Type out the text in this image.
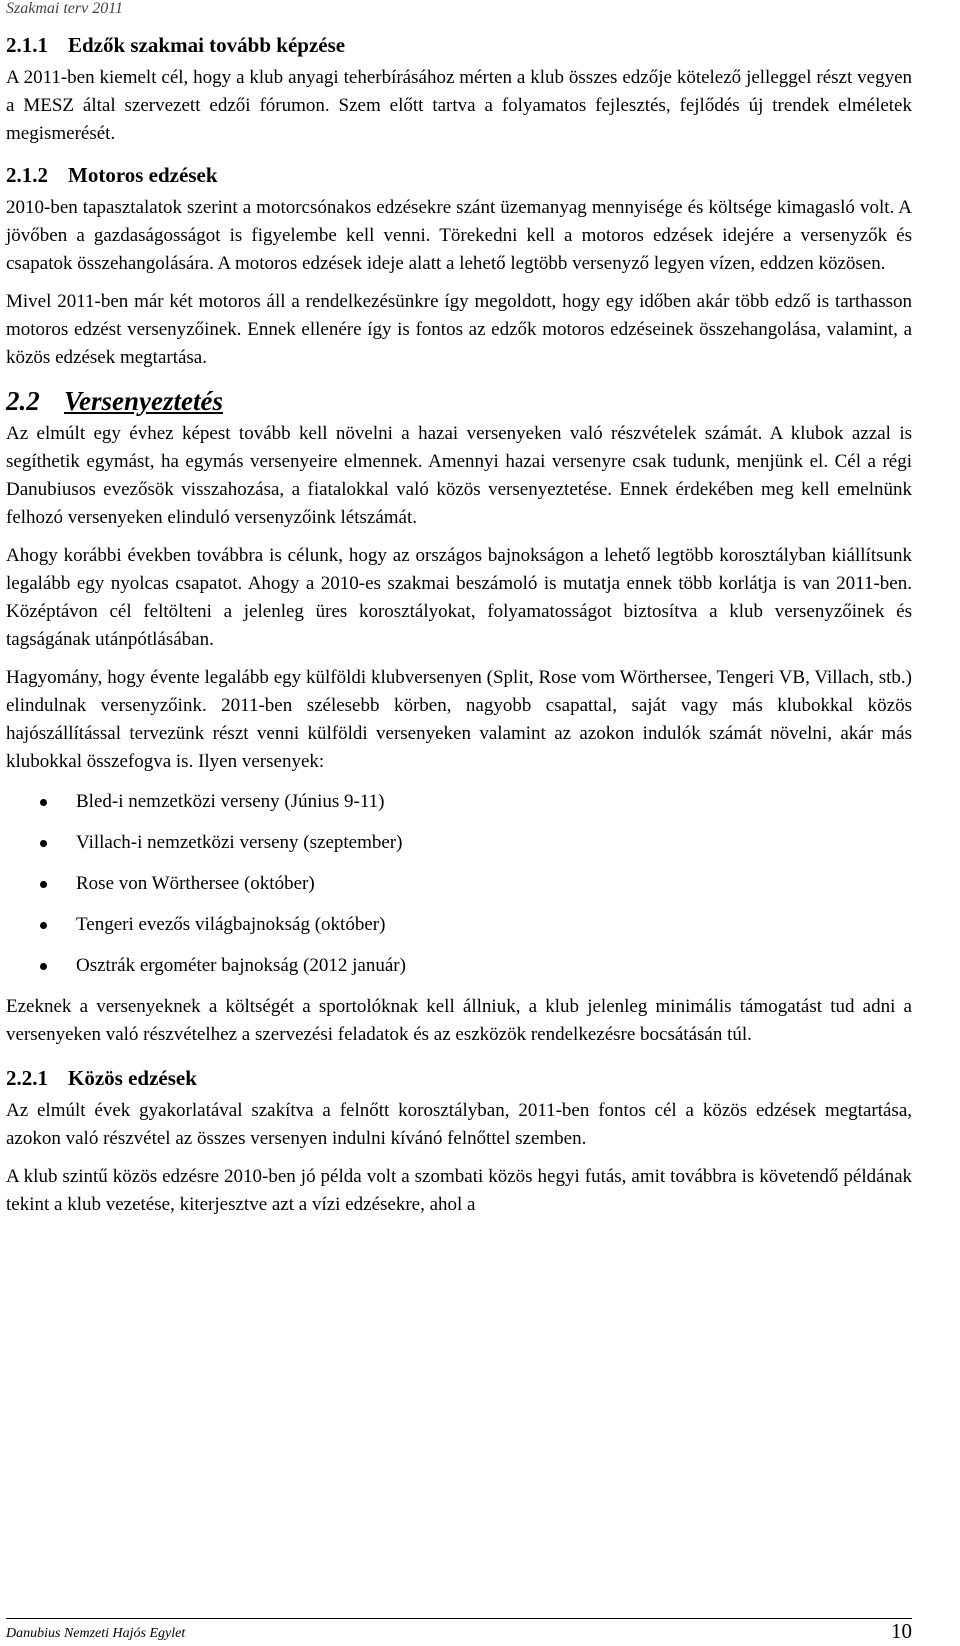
Szakmai terv 2011
2.1.1 Edzők szakmai tovább képzése

A 2011-ben kiemelt cél, hogy a klub anyagi teherbírásához mérten a klub összes edzője kötelező jelleggel részt vegyen a MESZ által szervezett edzői fórumon. Szem előtt tartva a folyamatos fejlesztés, fejlődés új trendek elméletek megismerését.

2.1.2 Motoros edzések

2010-ben tapasztalatok szerint a motorcsónakos edzésekre szánt üzemanyag mennyisége és költsége kimagasló volt. A jövőben a gazdaságosságot is figyelembe kell venni. Törekedni kell a motoros edzések idejére a versenyzők és csapatok összehangolására. A motoros edzések ideje alatt a lehető legtöbb versenyző legyen vízen, eddzen közösen.

Mivel 2011-ben már két motoros áll a rendelkezésünkre így megoldott, hogy egy időben akár több edző is tarthasson motoros edzést versenyzőinek. Ennek ellenére így is fontos az edzők motoros edzéseinek összehangolása, valamint, a közös edzések megtartása.

2.2 Versenyeztetés

Az elmúlt egy évhez képest tovább kell növelni a hazai versenyeken való részvételek számát. A klubok azzal is segíthetik egymást, ha egymás versenyeire elmennek. Amennyi hazai versenyre csak tudunk, menjünk el. Cél a régi Danubiusos evezősök visszahozása, a fiatalokkal való közös versenyeztetése. Ennek érdekében meg kell emelnünk felhozó versenyeken elinduló versenyzőink létszámát.

Ahogy korábbi években továbbra is célunk, hogy az országos bajnokságon a lehető legtöbb korosztályban kiállítsunk legalább egy nyolcas csapatot. Ahogy a 2010-es szakmai beszámoló is mutatja ennek több korlátja is van 2011-ben. Középtávon cél feltölteni a jelenleg üres korosztályokat, folyamatosságot biztosítva a klub versenyzőinek és tagságának utánpótlásában.

Hagyomány, hogy évente legalább egy külföldi klubversenyen (Split, Rose vom Wörthersee, Tengeri VB, Villach, stb.) elindulnak versenyzőink. 2011-ben szélesebb körben, nagyobb csapattal, saját vagy más klubokkal közös hajószállítással tervezünk részt venni külföldi versenyeken valamint az azokon indulók számát növelni, akár más klubokkal összefogva is. Ilyen versenyek:

Bled-i nemzetközi verseny (Június 9-11)
Villach-i nemzetközi verseny (szeptember)
Rose von Wörthersee (október)
Tengeri evezős világbajnokság (október)
Osztrák ergométer bajnokság (2012 január)

Ezeknek a versenyeknek a költségét a sportolóknak kell állniuk, a klub jelenleg minimális támogatást tud adni a versenyeken való részvételhez a szervezési feladatok és az eszközök rendelkezésre bocsátásán túl.

2.2.1 Közös edzések

Az elmúlt évek gyakorlatával szakítva a felnőtt korosztályban, 2011-ben fontos cél a közös edzések megtartása, azokon való részvétel az összes versenyen indulni kívánó felnőttel szemben.

A klub szintű közös edzésre 2010-ben jó példa volt a szombati közös hegyi futás, amit továbbra is követendő példának tekint a klub vezetése, kiterjesztve azt a vízi edzésekre, ahol a

Danubius Nemzeti Hajós Egylet	10
